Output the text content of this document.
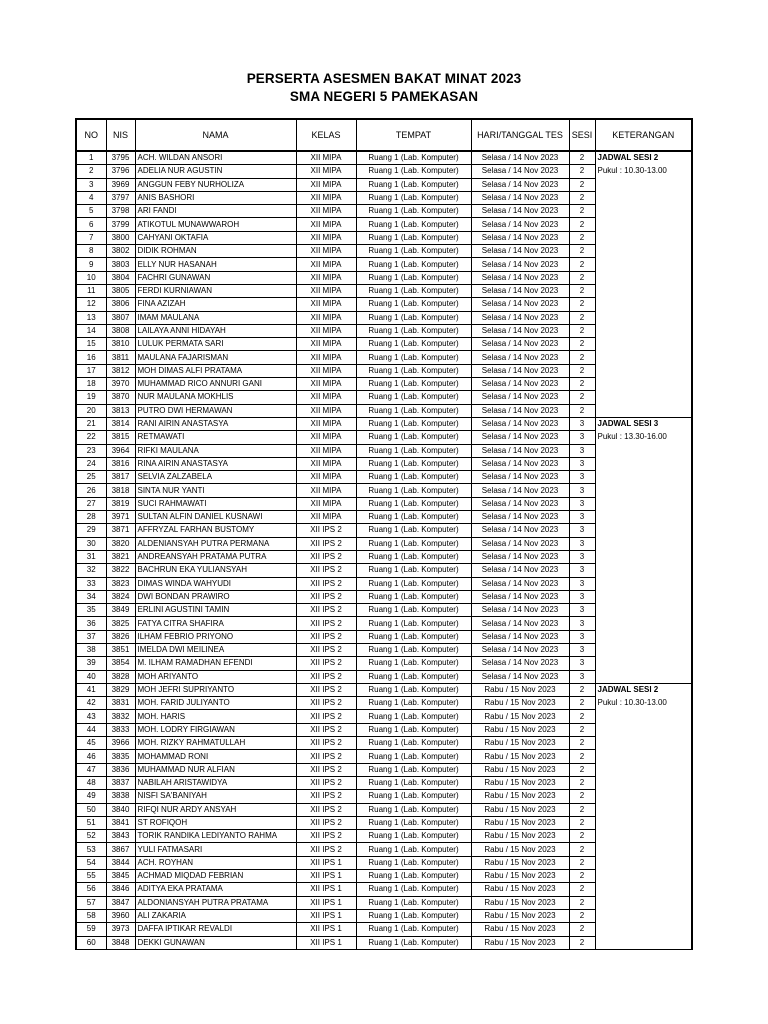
PERSERTA ASESMEN BAKAT MINAT 2023
SMA NEGERI 5 PAMEKASAN
NO	NIS	NAMA	KELAS	TEMPAT	HARI/TANGGAL TES	SESI	KETERANGAN
1	3795	ACH. WILDAN ANSORI	XII MIPA	Ruang 1 (Lab. Komputer)	Selasa / 14 Nov 2023	2	JADWAL SESI 2
2	3796	ADELIA NUR AGUSTIN	XII MIPA	Ruang 1 (Lab. Komputer)	Selasa / 14 Nov 2023	2	Pukul : 10.30-13.00
3	3969	ANGGUN FEBY NURHOLIZA	XII MIPA	Ruang 1 (Lab. Komputer)	Selasa / 14 Nov 2023	2	
4	3797	ANIS BASHORI	XII MIPA	Ruang 1 (Lab. Komputer)	Selasa / 14 Nov 2023	2	
5	3798	ARI FANDI	XII MIPA	Ruang 1 (Lab. Komputer)	Selasa / 14 Nov 2023	2	
6	3799	ATIKOTUL MUNAWWAROH	XII MIPA	Ruang 1 (Lab. Komputer)	Selasa / 14 Nov 2023	2	
7	3800	CAHYANI OKTAFIA	XII MIPA	Ruang 1 (Lab. Komputer)	Selasa / 14 Nov 2023	2	
8	3802	DIDIK ROHMAN	XII MIPA	Ruang 1 (Lab. Komputer)	Selasa / 14 Nov 2023	2	
9	3803	ELLY NUR HASANAH	XII MIPA	Ruang 1 (Lab. Komputer)	Selasa / 14 Nov 2023	2	
10	3804	FACHRI GUNAWAN	XII MIPA	Ruang 1 (Lab. Komputer)	Selasa / 14 Nov 2023	2	
11	3805	FERDI KURNIAWAN	XII MIPA	Ruang 1 (Lab. Komputer)	Selasa / 14 Nov 2023	2	
12	3806	FINA AZIZAH	XII MIPA	Ruang 1 (Lab. Komputer)	Selasa / 14 Nov 2023	2	
13	3807	IMAM MAULANA	XII MIPA	Ruang 1 (Lab. Komputer)	Selasa / 14 Nov 2023	2	
14	3808	LAILAYA ANNI HIDAYAH	XII MIPA	Ruang 1 (Lab. Komputer)	Selasa / 14 Nov 2023	2	
15	3810	LULUK PERMATA SARI	XII MIPA	Ruang 1 (Lab. Komputer)	Selasa / 14 Nov 2023	2	
16	3811	MAULANA FAJARISMAN	XII MIPA	Ruang 1 (Lab. Komputer)	Selasa / 14 Nov 2023	2	
17	3812	MOH DIMAS ALFI PRATAMA	XII MIPA	Ruang 1 (Lab. Komputer)	Selasa / 14 Nov 2023	2	
18	3970	MUHAMMAD RICO ANNURI GANI	XII MIPA	Ruang 1 (Lab. Komputer)	Selasa / 14 Nov 2023	2	
19	3870	NUR MAULANA MOKHLIS	XII MIPA	Ruang 1 (Lab. Komputer)	Selasa / 14 Nov 2023	2	
20	3813	PUTRO DWI HERMAWAN	XII MIPA	Ruang 1 (Lab. Komputer)	Selasa / 14 Nov 2023	2	
21	3814	RANI AIRIN ANASTASYA	XII MIPA	Ruang 1 (Lab. Komputer)	Selasa / 14 Nov 2023	3	JADWAL SESI 3
22	3815	RETMAWATI	XII MIPA	Ruang 1 (Lab. Komputer)	Selasa / 14 Nov 2023	3	Pukul : 13.30-16.00
23	3964	RIFKI MAULANA	XII MIPA	Ruang 1 (Lab. Komputer)	Selasa / 14 Nov 2023	3	
24	3816	RINA AIRIN ANASTASYA	XII MIPA	Ruang 1 (Lab. Komputer)	Selasa / 14 Nov 2023	3	
25	3817	SELVIA ZALZABELA	XII MIPA	Ruang 1 (Lab. Komputer)	Selasa / 14 Nov 2023	3	
26	3818	SINTA NUR YANTI	XII MIPA	Ruang 1 (Lab. Komputer)	Selasa / 14 Nov 2023	3	
27	3819	SUCI RAHMAWATI	XII MIPA	Ruang 1 (Lab. Komputer)	Selasa / 14 Nov 2023	3	
28	3971	SULTAN ALFIN DANIEL KUSNAWI	XII MIPA	Ruang 1 (Lab. Komputer)	Selasa / 14 Nov 2023	3	
29	3871	AFFRYZAL FARHAN BUSTOMY	XII IPS 2	Ruang 1 (Lab. Komputer)	Selasa / 14 Nov 2023	3	
30	3820	ALDENIANSYAH PUTRA PERMANA	XII IPS 2	Ruang 1 (Lab. Komputer)	Selasa / 14 Nov 2023	3	
31	3821	ANDREANSYAH PRATAMA PUTRA	XII IPS 2	Ruang 1 (Lab. Komputer)	Selasa / 14 Nov 2023	3	
32	3822	BACHRUN EKA YULIANSYAH	XII IPS 2	Ruang 1 (Lab. Komputer)	Selasa / 14 Nov 2023	3	
33	3823	DIMAS WINDA WAHYUDI	XII IPS 2	Ruang 1 (Lab. Komputer)	Selasa / 14 Nov 2023	3	
34	3824	DWI BONDAN PRAWIRO	XII IPS 2	Ruang 1 (Lab. Komputer)	Selasa / 14 Nov 2023	3	
35	3849	ERLINI AGUSTINI TAMIN	XII IPS 2	Ruang 1 (Lab. Komputer)	Selasa / 14 Nov 2023	3	
36	3825	FATYA CITRA SHAFIRA	XII IPS 2	Ruang 1 (Lab. Komputer)	Selasa / 14 Nov 2023	3	
37	3826	ILHAM FEBRIO PRIYONO	XII IPS 2	Ruang 1 (Lab. Komputer)	Selasa / 14 Nov 2023	3	
38	3851	IMELDA DWI MEILINEA	XII IPS 2	Ruang 1 (Lab. Komputer)	Selasa / 14 Nov 2023	3	
39	3854	M. ILHAM RAMADHAN EFENDI	XII IPS 2	Ruang 1 (Lab. Komputer)	Selasa / 14 Nov 2023	3	
40	3828	MOH ARIYANTO	XII IPS 2	Ruang 1 (Lab. Komputer)	Selasa / 14 Nov 2023	3	
41	3829	MOH JEFRI SUPRIYANTO	XII IPS 2	Ruang 1 (Lab. Komputer)	Rabu / 15 Nov 2023	2	JADWAL SESI 2
42	3831	MOH. FARID JULIYANTO	XII IPS 2	Ruang 1 (Lab. Komputer)	Rabu / 15 Nov 2023	2	Pukul : 10.30-13.00
43	3832	MOH. HARIS	XII IPS 2	Ruang 1 (Lab. Komputer)	Rabu / 15 Nov 2023	2	
44	3833	MOH. LODRY FIRGIAWAN	XII IPS 2	Ruang 1 (Lab. Komputer)	Rabu / 15 Nov 2023	2	
45	3966	MOH. RIZKY RAHMATULLAH	XII IPS 2	Ruang 1 (Lab. Komputer)	Rabu / 15 Nov 2023	2	
46	3835	MOHAMMAD RONI	XII IPS 2	Ruang 1 (Lab. Komputer)	Rabu / 15 Nov 2023	2	
47	3836	MUHAMMAD NUR ALFIAN	XII IPS 2	Ruang 1 (Lab. Komputer)	Rabu / 15 Nov 2023	2	
48	3837	NABILAH ARISTAWIDYA	XII IPS 2	Ruang 1 (Lab. Komputer)	Rabu / 15 Nov 2023	2	
49	3838	NISFI SA'BANIYAH	XII IPS 2	Ruang 1 (Lab. Komputer)	Rabu / 15 Nov 2023	2	
50	3840	RIFQI NUR ARDY ANSYAH	XII IPS 2	Ruang 1 (Lab. Komputer)	Rabu / 15 Nov 2023	2	
51	3841	ST ROFIQOH	XII IPS 2	Ruang 1 (Lab. Komputer)	Rabu / 15 Nov 2023	2	
52	3843	TORIK RANDIKA LEDIYANTO RAHMA	XII IPS 2	Ruang 1 (Lab. Komputer)	Rabu / 15 Nov 2023	2	
53	3867	YULI FATMASARI	XII IPS 2	Ruang 1 (Lab. Komputer)	Rabu / 15 Nov 2023	2	
54	3844	ACH. ROYHAN	XII IPS 1	Ruang 1 (Lab. Komputer)	Rabu / 15 Nov 2023	2	
55	3845	ACHMAD MIQDAD FEBRIAN	XII IPS 1	Ruang 1 (Lab. Komputer)	Rabu / 15 Nov 2023	2	
56	3846	ADITYA EKA PRATAMA	XII IPS 1	Ruang 1 (Lab. Komputer)	Rabu / 15 Nov 2023	2	
57	3847	ALDONIANSYAH PUTRA PRATAMA	XII IPS 1	Ruang 1 (Lab. Komputer)	Rabu / 15 Nov 2023	2	
58	3960	ALI ZAKARIA	XII IPS 1	Ruang 1 (Lab. Komputer)	Rabu / 15 Nov 2023	2	
59	3973	DAFFA IPTIKAR REVALDI	XII IPS 1	Ruang 1 (Lab. Komputer)	Rabu / 15 Nov 2023	2	
60	3848	DEKKI GUNAWAN	XII IPS 1	Ruang 1 (Lab. Komputer)	Rabu / 15 Nov 2023	2	
